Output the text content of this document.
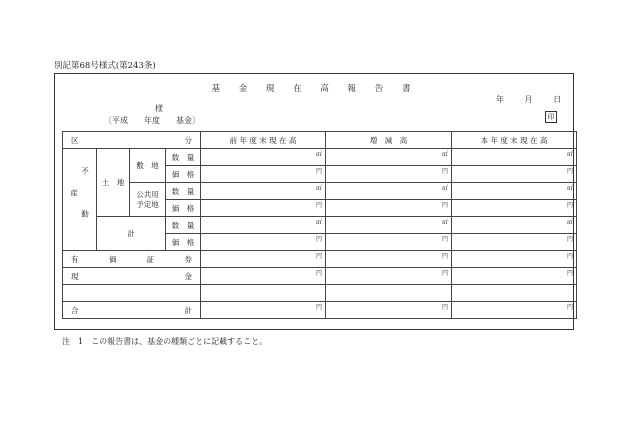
別記第68号様式(第243条)
基 金 現 在 高 報 告 書
年	月	日
様
〔平成　　年度　　基金〕	印
区　分				前 年 度 末 現 在 高	増　減　高	本 年 度 末 現 在 高
不　動　産	土　地	敷　地	数　量	㎡	㎡	㎡
			価　格	円	円	円

		公共用
予定地	数　量	㎡	㎡	㎡
			価　格	円	円	円
	計		数　量	㎡	㎡	㎡
			価　格	円	円	円
有　価　証　券				円	円	円
現　金				円	円	円

合　計				円	円	円
注　1　この報告書は、基金の種類ごとに記載すること。
